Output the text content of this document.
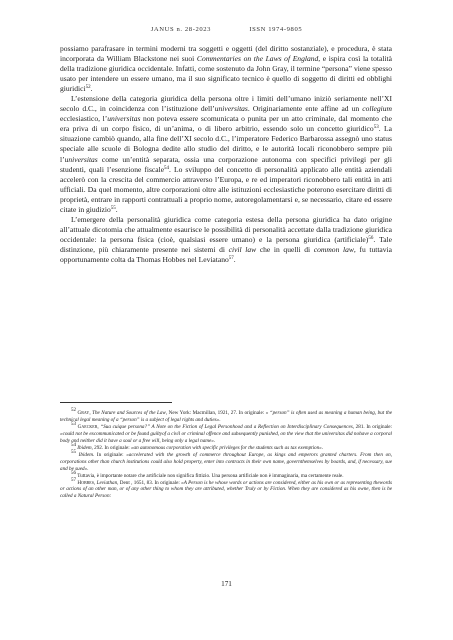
JANUS n. 28-2023	ISSN 1974-9805

possiamo parafrasare in termini moderni tra soggetti e oggetti (del diritto sostanziale), e procedura, è stata incorporata da William Blackstone nei suoi Commentaries on the Laws of England, e ispira così la totalità della tradizione giuridica occidentale. Infatti, come sostenuto da John Gray, il termine “persona” viene spesso usato per intendere un essere umano, ma il suo significato tecnico è quello di soggetto di diritti ed obblighi giuridici$^{52}$.

L’estensione della categoria giuridica della persona oltre i limiti dell’umano iniziò seriamente nell’XI secolo d.C., in coincidenza con l’istituzione dell’universitas. Originariamente ente affine ad un collegium ecclesiastico, l’universitas non poteva essere scomunicata o punita per un atto criminale, dal momento che era priva di un corpo fisico, di un’anima, o di libero arbitrio, essendo solo un concetto giuridico$^{53}$. La situazione cambiò quando, alla fine dell’XI secolo d.C., l’imperatore Federico Barbarossa assegnò uno status speciale alle scuole di Bologna dedite allo studio del diritto, e le autorità locali riconobbero sempre più l’universitas come un’entità separata, ossia una corporazione autonoma con specifici privilegi per gli studenti, quali l’esenzione fiscale$^{54}$. Lo sviluppo del concetto di personalità applicato alle entità aziendali accelerò con la crescita del commercio attraverso l’Europa, e re ed imperatori riconobbero tali entità in atti ufficiali. Da quel momento, altre corporazioni oltre alle istituzioni ecclesiastiche poterono esercitare diritti di proprietà, entrare in rapporti contrattuali a proprio nome, autoregolamentarsi e, se necessario, citare ed essere citate in giudizio$^{55}$.

L’emergere della personalità giuridica come categoria estesa della persona giuridica ha dato origine all’attuale dicotomia che attualmente esaurisce le possibilità di personalità accettate dalla tradizione giuridica occidentale: la persona fisica (cioè, qualsiasi essere umano) e la persona giuridica (artificiale)$^{56}$. Tale distinzione, più chiaramente presente nei sistemi di civil law che in quelli di common law, fu tuttavia opportunamente colta da Thomas Hobbes nel Leviatano$^{57}$.

$^{52}$ Gray, The Nature and Sources of the Law, New York: Macmillan, 1921, 27. In originale: « “person” is often used as meaning a human being, but the technical legal meaning of a “person” is a subject of legal rights and duties».

$^{53}$ Gaecker, “Sua cuique persona?” A Note on the Fiction of Legal Personhood and a Reflection on Interdisciplinary Consequences, 281. In originale: «could not be excommunicated or be found guiltyof a civil or criminal offence and subsequently punished, on the view that the universitas did nohave a corporal body and neither did it have a soul or a free will, being only a legal name».

$^{54}$ Ibidem, 292. In originale: «an autonomous corporation with specific privileges for the students such as tax exemption».

$^{55}$ Ibidem. In originale: «accelerated with the growth of commerce throughout Europe, as kings and emperors granted charters. From then on, corporations other than church institutions could also hold property, enter into contracts in their own name, governthemselves by boards, and, if necessary, sue and be sued».

$^{56}$ Tuttavia, è importante notare che artificiale non significa fittizio. Una persona artificiale non è immaginaria, ma certamente reale.

$^{57}$ Hobbes, Leviathan, Dent , 1651, 83. In originale: «A Person is he whose words or actions are considered, either as his own or as representing thewords or actions of an other man, or of any other thing to whom they are attributed, whether Truly or by Fiction. When they are considered as his owne, then is he called a Natural Person:

171
